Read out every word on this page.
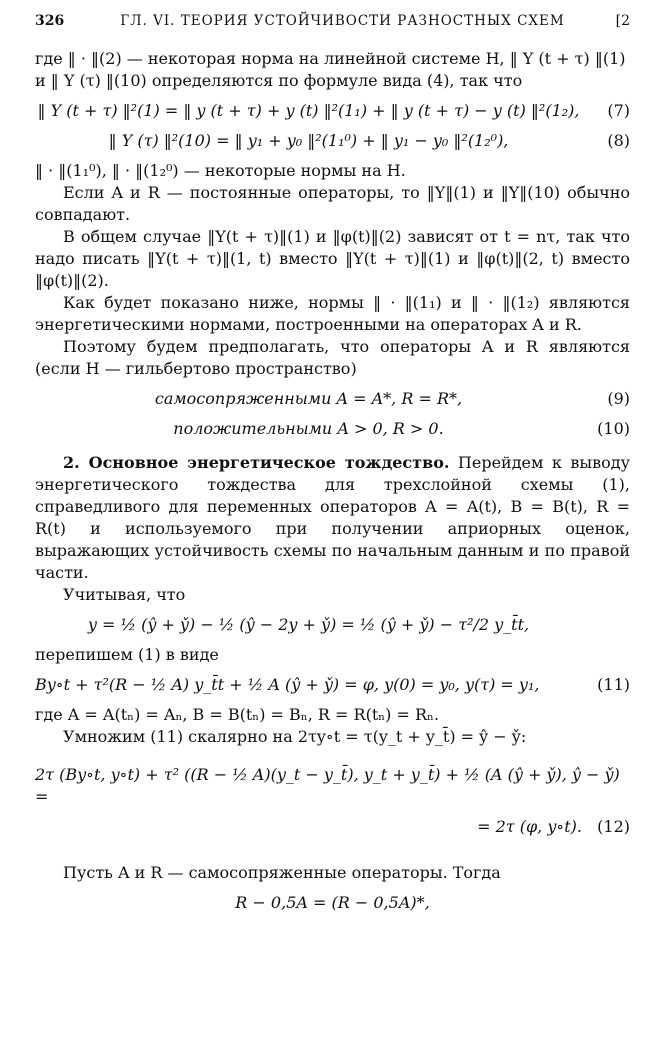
326	ГЛ. VI. ТЕОРИЯ УСТОЙЧИВОСТИ РАЗНОСТНЫХ СХЕМ	[2

где ‖ · ‖(2) — некоторая норма на линейной системе H, ‖ Y (t + τ) ‖(1)

и ‖ Y (τ) ‖(10) определяются по формуле вида (4), так что

‖ Y (t + τ) ‖²(1) = ‖ y (t + τ) + y (t) ‖²(1₁) + ‖ y (t + τ) − y (t) ‖²(1₂),	(7)
‖ Y (τ) ‖²(10) = ‖ y₁ + y₀ ‖²(1₁⁰) + ‖ y₁ − y₀ ‖²(1₂⁰),	(8)

‖ · ‖(1₁⁰), ‖ · ‖(1₂⁰) — некоторые нормы на H.

Если A и R — постоянные операторы, то ‖Y‖(1) и ‖Y‖(10) обычно совпадают.

В общем случае ‖Y(t + τ)‖(1) и ‖φ(t)‖(2) зависят от t = nτ, так что надо писать ‖Y(t + τ)‖(1, t) вместо ‖Y(t + τ)‖(1) и ‖φ(t)‖(2, t) вместо ‖φ(t)‖(2).

Как будет показано ниже, нормы ‖ · ‖(1₁) и ‖ · ‖(1₂) являются энергетическими нормами, построенными на операторах A и R.

Поэтому будем предполагать, что операторы A и R являются (если H — гильбертово пространство)

самосопряженными A = A*, R = R*,	(9)
положительными A > 0, R > 0.	(10)

2. Основное энергетическое тождество. Перейдем к выводу энергетического тождества для трехслойной схемы (1), справедливого для переменных операторов A = A(t), B = B(t), R = R(t) и используемого при получении априорных оценок, выражающих устойчивость схемы по начальным данным и по правой части.

Учитывая, что

y = ½ (ŷ + y̌) − ½ (ŷ − 2y + y̌) = ½ (ŷ + y̌) − τ²/2 y_t̄t,

перепишем (1) в виде

By∘t + τ²(R − ½ A) y_t̄t + ½ A (ŷ + y̌) = φ, y(0) = y₀, y(τ) = y₁,	(11)

где A = A(tₙ) = Aₙ, B = B(tₙ) = Bₙ, R = R(tₙ) = Rₙ.

Умножим (11) скалярно на 2τy∘t = τ(y_t + y_t̄) = ŷ − y̌:

2τ (By∘t, y∘t) + τ² ((R − ½ A)(y_t − y_t̄), y_t + y_t̄) + ½ (A (ŷ + y̌), ŷ − y̌) =
= 2τ (φ, y∘t). (12)

Пусть A и R — самосопряженные операторы. Тогда

R − 0,5A = (R − 0,5A)*,
